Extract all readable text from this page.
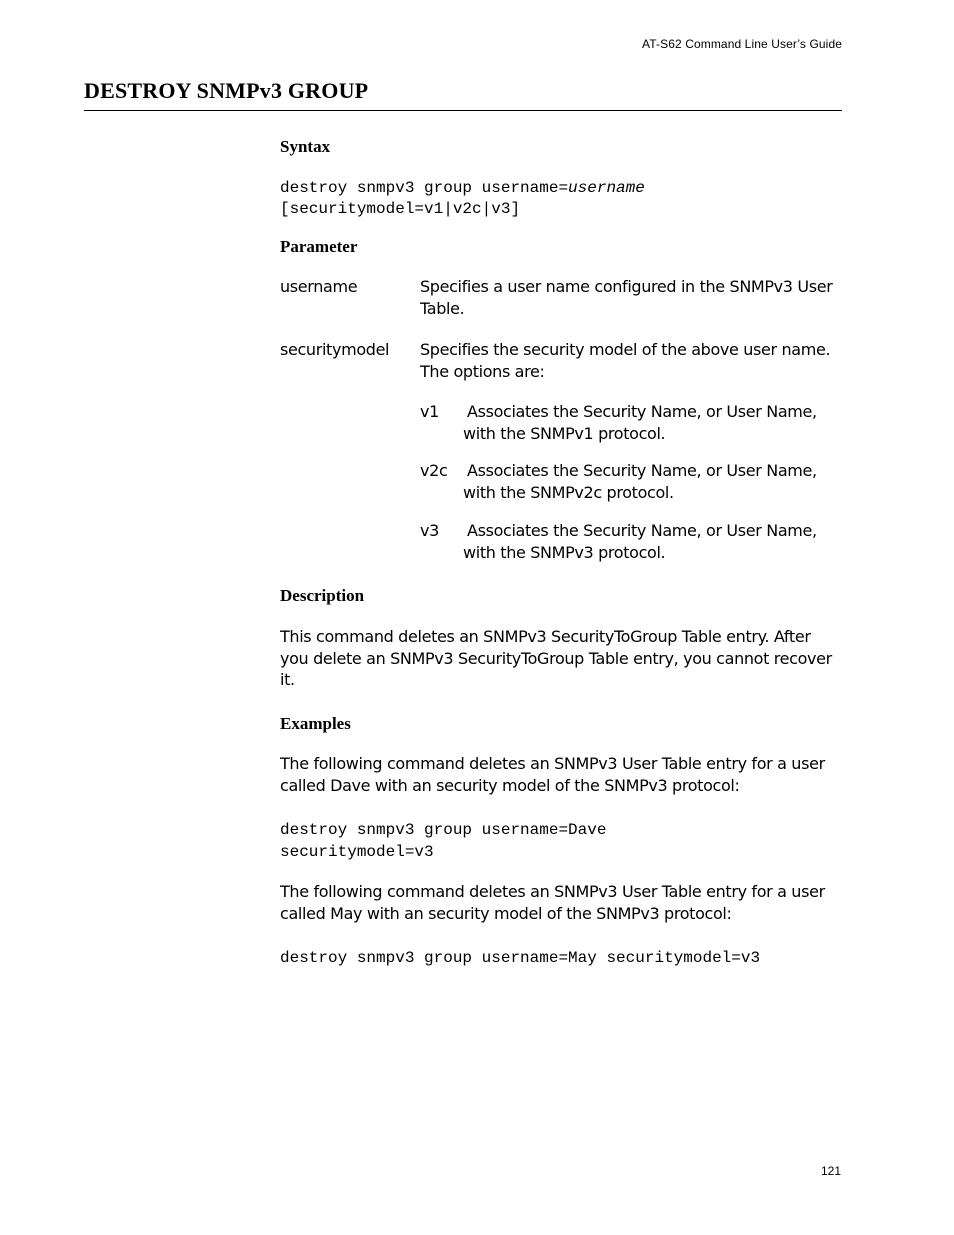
AT-S62 Command Line User’s Guide
DESTROY SNMPv3 GROUP
Syntax
destroy snmpv3 group username=username
[securitymodel=v1|v2c|v3]
Parameter
username	Specifies a user name configured in the SNMPv3 User Table.
securitymodel Specifies the security model of the above user name. The options are:
v1 Associates the Security Name, or User Name, with the SNMPv1 protocol.
v2c Associates the Security Name, or User Name, with the SNMPv2c protocol.
v3 Associates the Security Name, or User Name, with the SNMPv3 protocol.
Description
This command deletes an SNMPv3 SecurityToGroup Table entry. After you delete an SNMPv3 SecurityToGroup Table entry, you cannot recover it.
Examples
The following command deletes an SNMPv3 User Table entry for a user called Dave with an security model of the SNMPv3 protocol:
destroy snmpv3 group username=Dave
securitymodel=v3
The following command deletes an SNMPv3 User Table entry for a user called May with an security model of the SNMPv3 protocol:
destroy snmpv3 group username=May securitymodel=v3
121
